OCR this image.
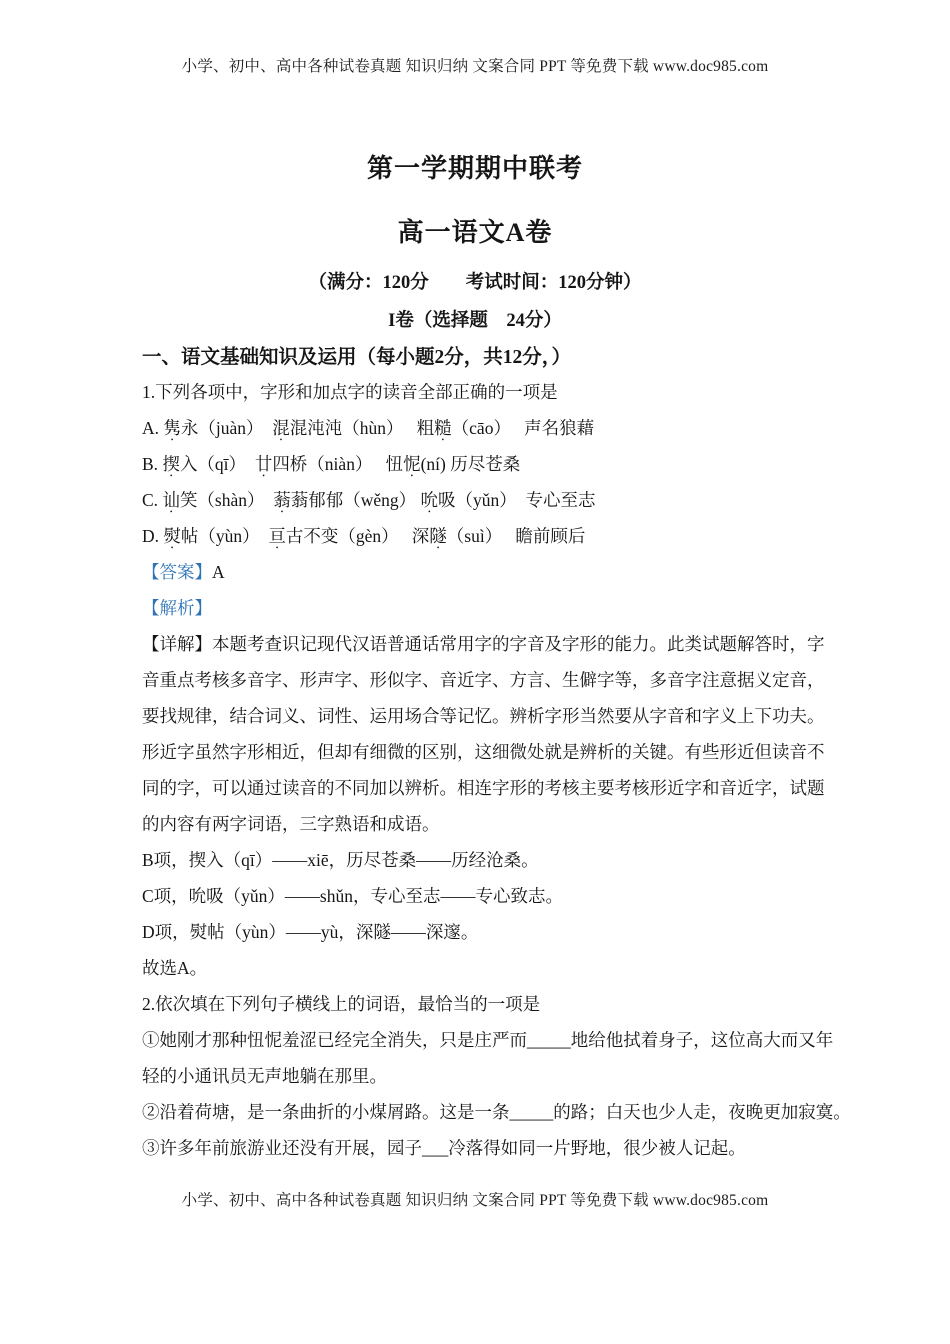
小学、初中、高中各种试卷真题 知识归纳 文案合同 PPT 等免费下载 www.doc985.com
第一学期期中联考
高一语文A卷
（满分：120分　　考试时间：120分钟）
I卷（选择题　24分）
一、语文基础知识及运用（每小题2分，共12分，）
1.下列各项中，字形和加点字的读音全部正确的一项是
A. 隽永（juàn）　混混沌沌（hùn）　 粗糙（cāo）　 声名狼藉
B. 揳入（qī）　廿四桥（niàn）　 忸怩(ní) 历尽苍桑
C. 讪笑（shàn）　蓊蓊郁郁（wěng） 吮吸（yǔn）　专心至志
D. 熨帖（yùn）　亘古不变（gèn）　 深隧（suì）　 瞻前顾后
【答案】A
【解析】
【详解】本题考查识记现代汉语普通话常用字的字音及字形的能力。此类试题解答时，字
音重点考核多音字、形声字、形似字、音近字、方言、生僻字等，多音字注意据义定音，
要找规律，结合词义、词性、运用场合等记忆。辨析字形当然要从字音和字义上下功夫。
形近字虽然字形相近，但却有细微的区别，这细微处就是辨析的关键。有些形近但读音不
同的字，可以通过读音的不同加以辨析。相连字形的考核主要考核形近字和音近字，试题
的内容有两字词语，三字熟语和成语。
B项，揳入（qī）——xiē，历尽苍桑——历经沧桑。
C项，吮吸（yǔn）——shǔn，专心至志——专心致志。
D项，熨帖（yùn）——yù，深隧——深邃。
故选A。
2.依次填在下列句子横线上的词语，最恰当的一项是
①她刚才那种忸怩羞涩已经完全消失，只是庄严而_____地给他拭着身子，这位高大而又年
轻的小通讯员无声地躺在那里。
②沿着荷塘，是一条曲折的小煤屑路。这是一条_____的路；白天也少人走，夜晚更加寂寞。
③许多年前旅游业还没有开展，园子___冷落得如同一片野地，很少被人记起。
小学、初中、高中各种试卷真题 知识归纳 文案合同 PPT 等免费下载 www.doc985.com
